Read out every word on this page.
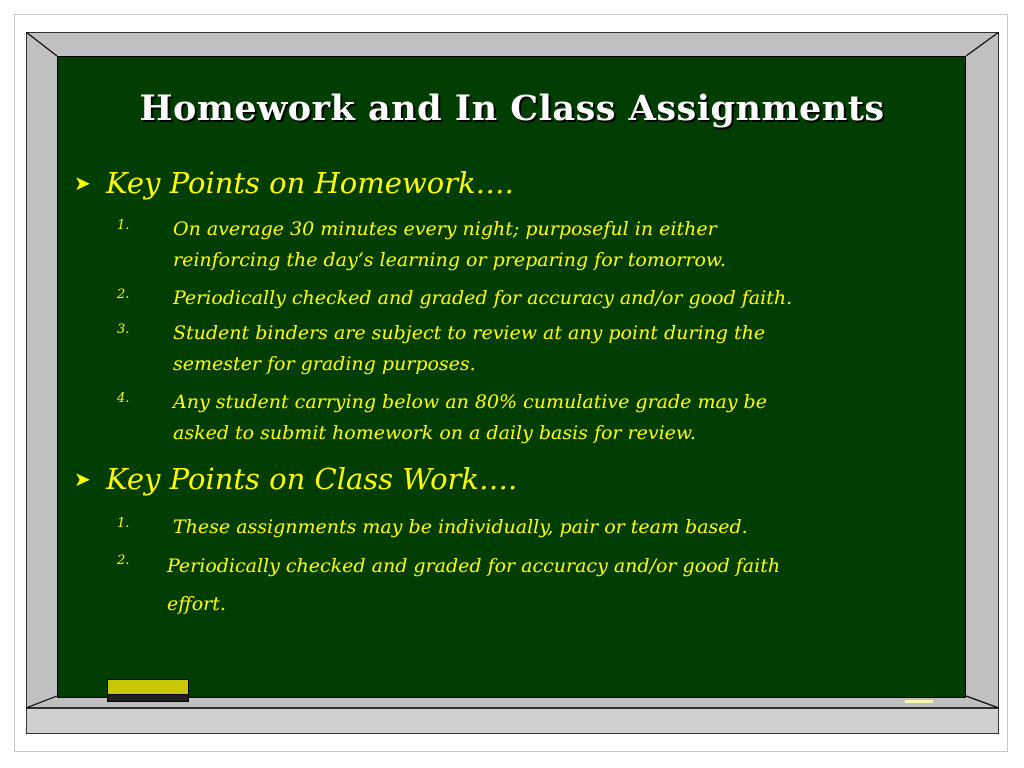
Homework and In Class Assignments
➤ Key Points on Homework….
1. On average 30 minutes every night; purposeful in either
reinforcing the day’s learning or preparing for tomorrow.
2. Periodically checked and graded for accuracy and/or good faith.
3. Student binders are subject to review at any point during the
semester for grading purposes.
4. Any student carrying below an 80% cumulative grade may be
asked to submit homework on a daily basis for review.
➤ Key Points on Class Work….
1. These assignments may be individually, pair or team based.
2. Periodically checked and graded for accuracy and/or good faith
effort.
